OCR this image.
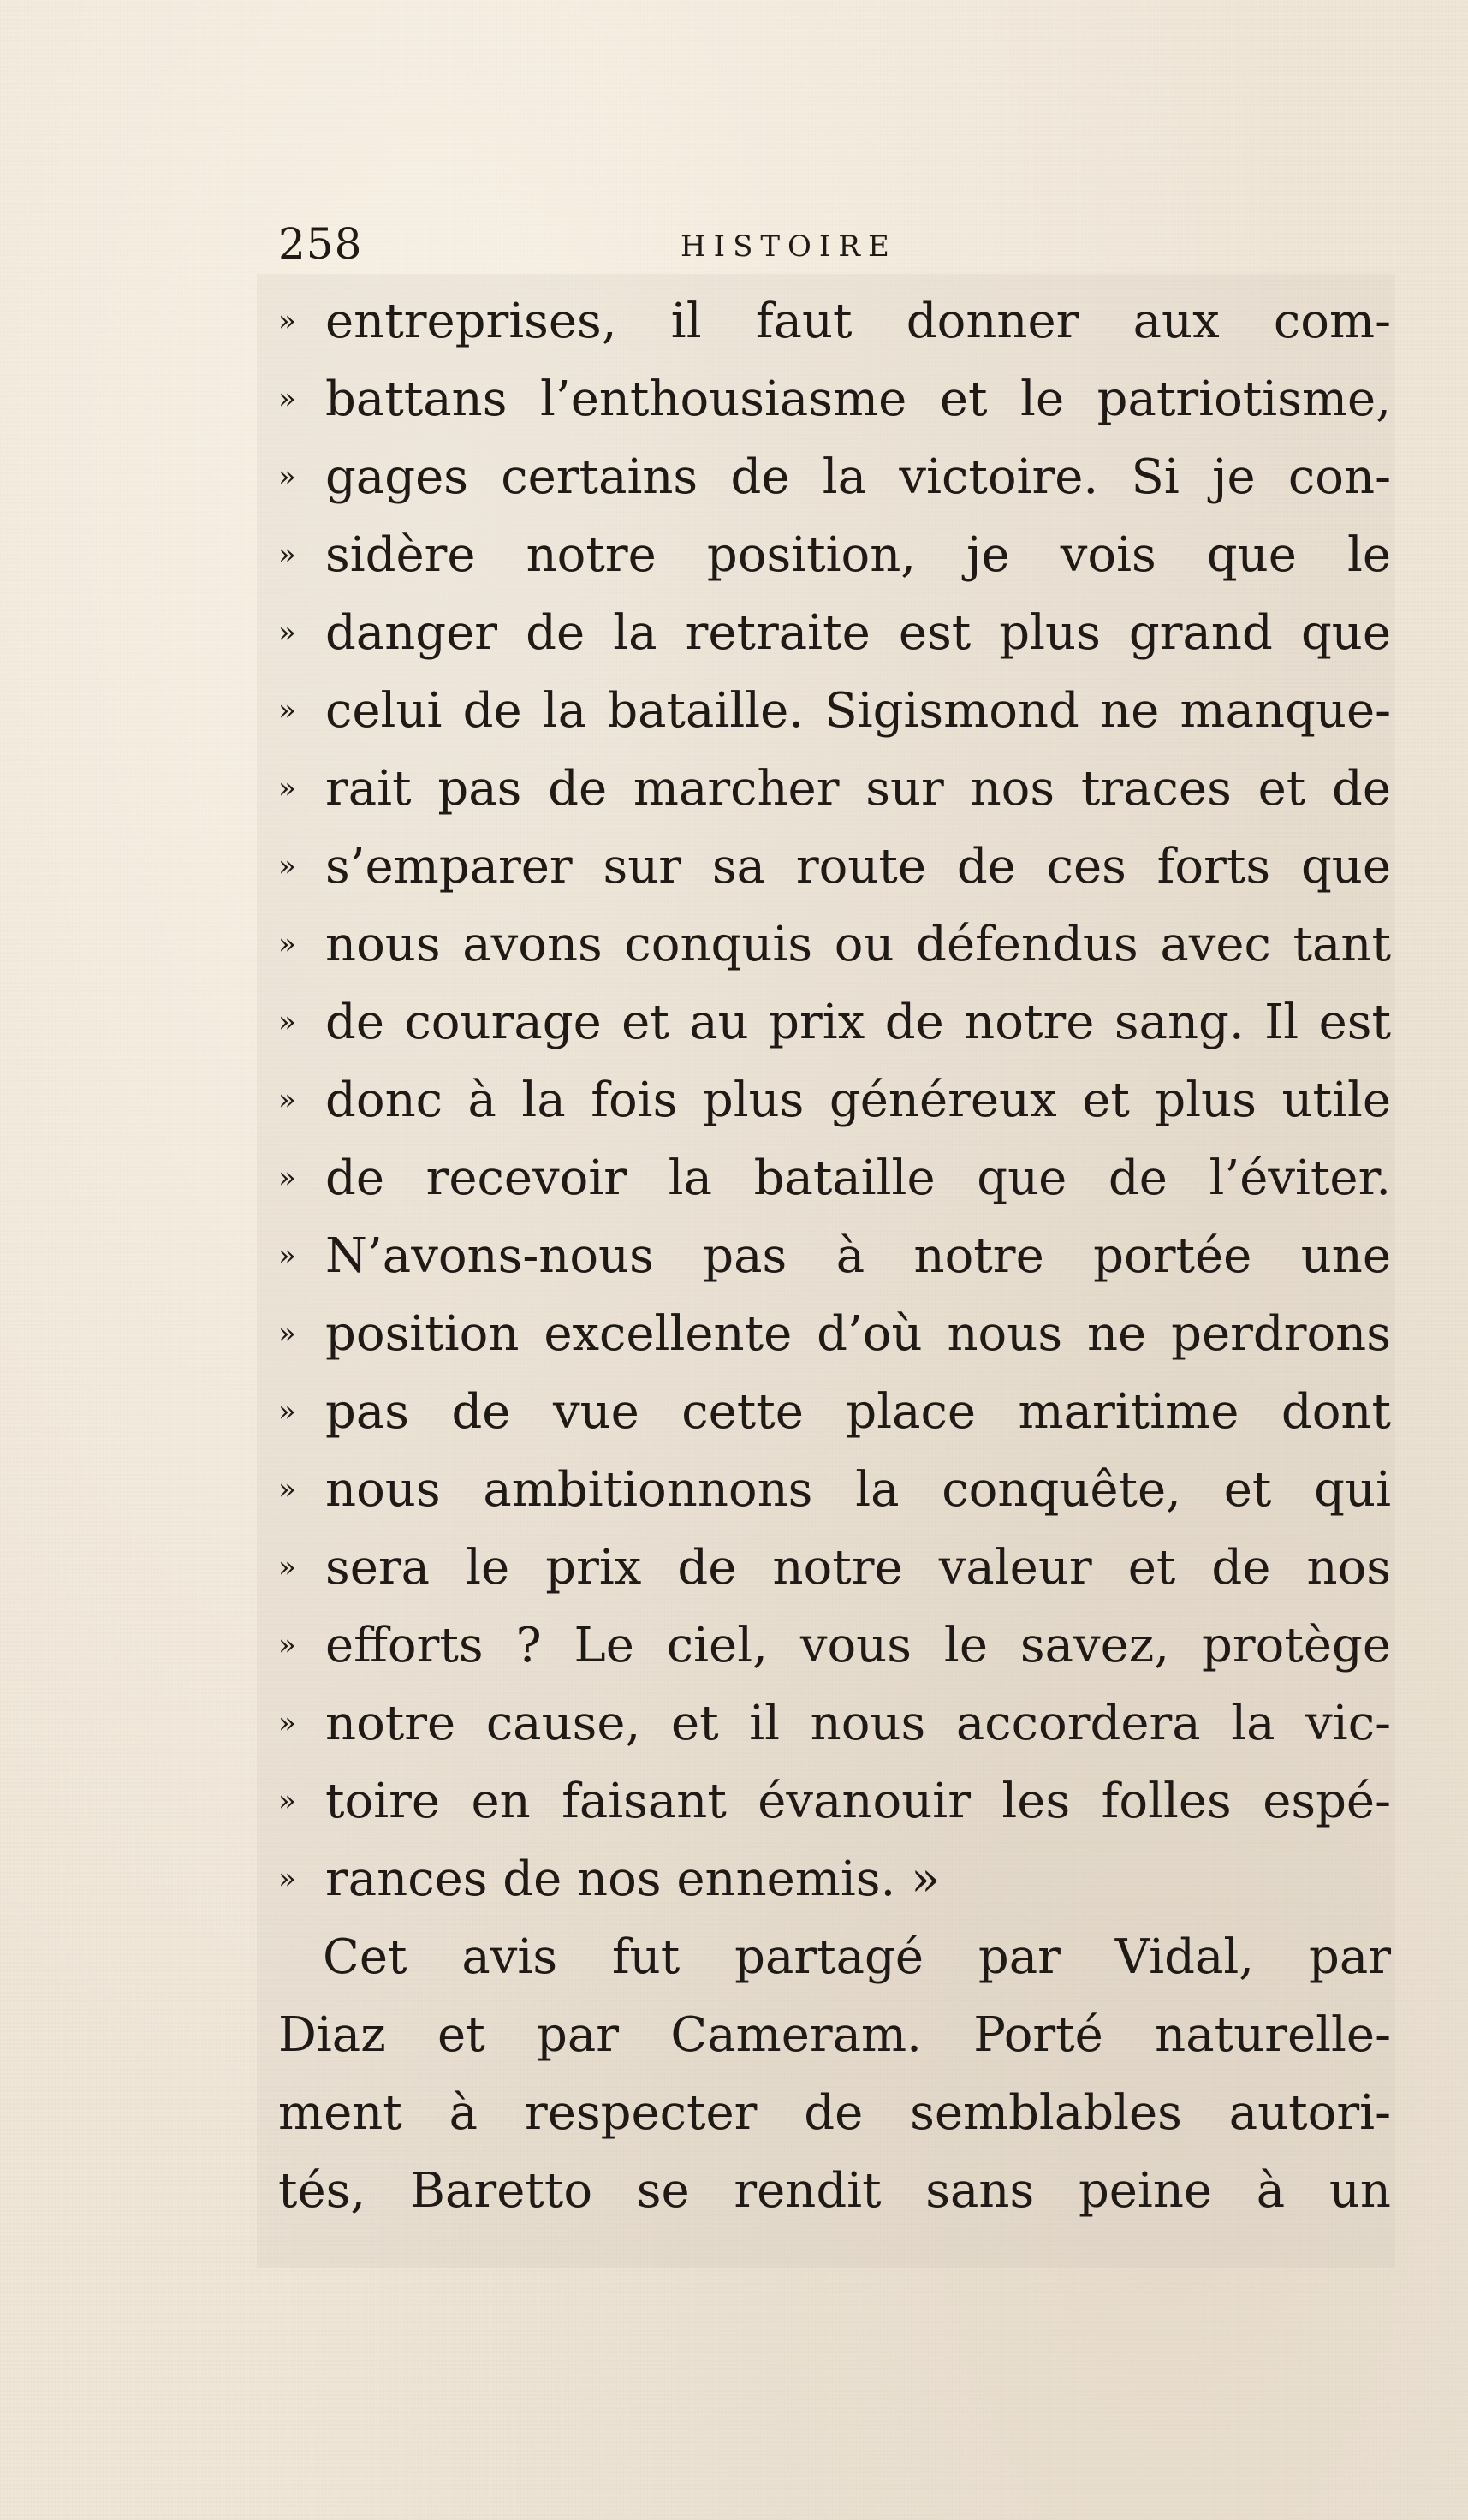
258	HISTOIRE
» entreprises, il faut donner aux com-
» battans l’enthousiasme et le patriotisme,
» gages certains de la victoire. Si je con-
» sidère notre position, je vois que le
» danger de la retraite est plus grand que
» celui de la bataille. Sigismond ne manque-
» rait pas de marcher sur nos traces et de
» s’emparer sur sa route de ces forts que
» nous avons conquis ou défendus avec tant
» de courage et au prix de notre sang. Il est
» donc à la fois plus généreux et plus utile
» de recevoir la bataille que de l’éviter.
» N’avons-nous pas à notre portée une
» position excellente d’où nous ne perdrons
» pas de vue cette place maritime dont
» nous ambitionnons la conquête, et qui
» sera le prix de notre valeur et de nos
» efforts ? Le ciel, vous le savez, protège
» notre cause, et il nous accordera la vic-
» toire en faisant évanouir les folles espé-
» rances de nos ennemis. »
Cet avis fut partagé par Vidal, par
Diaz et par Cameram. Porté naturelle-
ment à respecter de semblables autori-
tés, Baretto se rendit sans peine à un
